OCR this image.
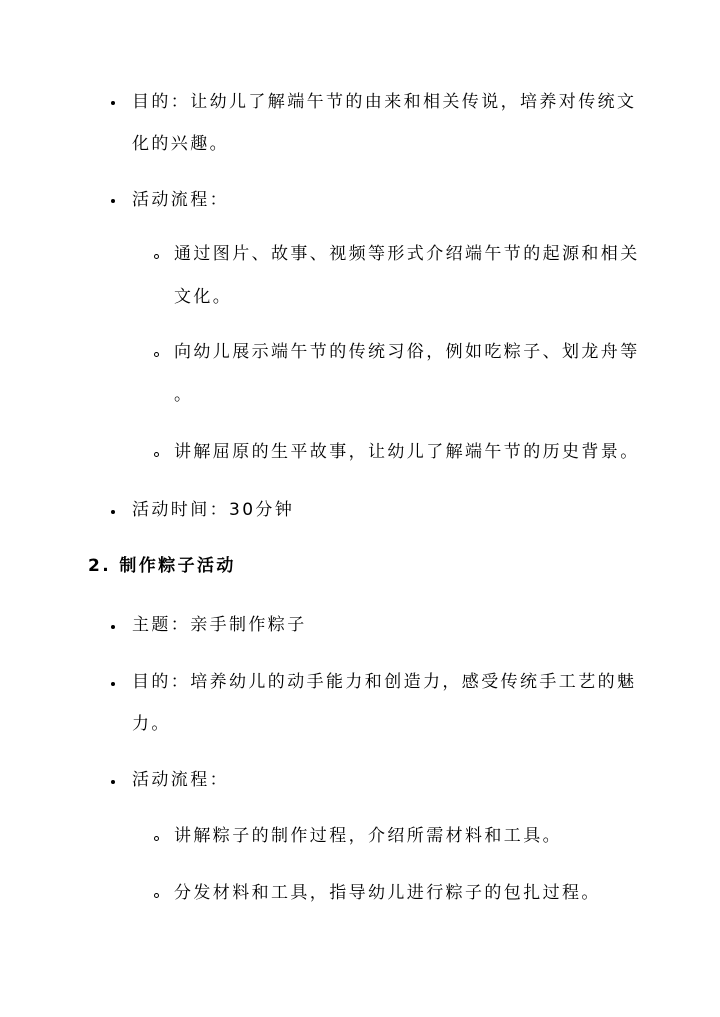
目的：让幼儿了解端午节的由来和相关传说，培养对传统文
化的兴趣。
活动流程：
通过图片、故事、视频等形式介绍端午节的起源和相关
文化。
向幼儿展示端午节的传统习俗，例如吃粽子、划龙舟等
。
讲解屈原的生平故事，让幼儿了解端午节的历史背景。
活动时间：30分钟
2. 制作粽子活动
主题：亲手制作粽子
目的：培养幼儿的动手能力和创造力，感受传统手工艺的魅
力。
活动流程：
讲解粽子的制作过程，介绍所需材料和工具。
分发材料和工具，指导幼儿进行粽子的包扎过程。
